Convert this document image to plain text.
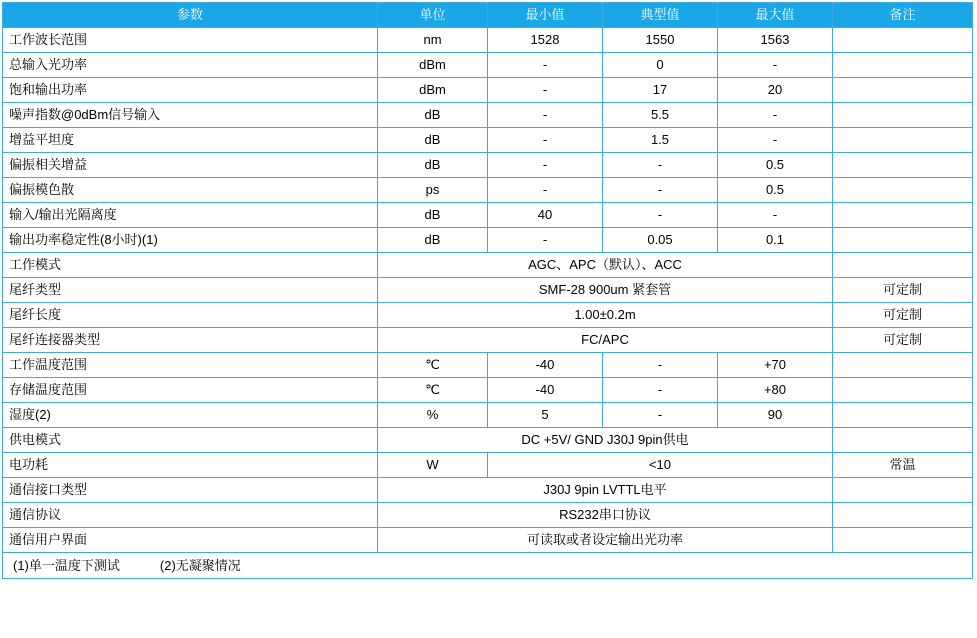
参数	单位	最小值	典型值	最大值	备注
工作波长范围	nm	1528	1550	1563	
总输入光功率	dBm	-	0	-	
饱和输出功率	dBm	-	17	20	
噪声指数@0dBm信号输入	dB	-	5.5	-	
增益平坦度	dB	-	1.5	-	
偏振相关增益	dB	-	-	0.5	
偏振模色散	ps	-	-	0.5	
输入/输出光隔离度	dB	40	-	-	
输出功率稳定性(8小时)(1)	dB	-	0.05	0.1	
工作模式	AGC、APC（默认）、ACC				
尾纤类型	SMF-28 900um 紧套管				可定制
尾纤长度	1.00±0.2m				可定制
尾纤连接器类型	FC/APC				可定制
工作温度范围	℃	-40	-	+70	
存储温度范围	℃	-40	-	+80	
湿度(2)	%	5	-	90	
供电模式	DC +5V/ GND J30J 9pin供电				
电功耗	W	<10			常温
通信接口类型	J30J 9pin LVTTL电平				
通信协议	RS232串口协议				
通信用户界面	可读取或者设定输出光功率				
(1)单一温度下测试 (2)无凝聚情况					
